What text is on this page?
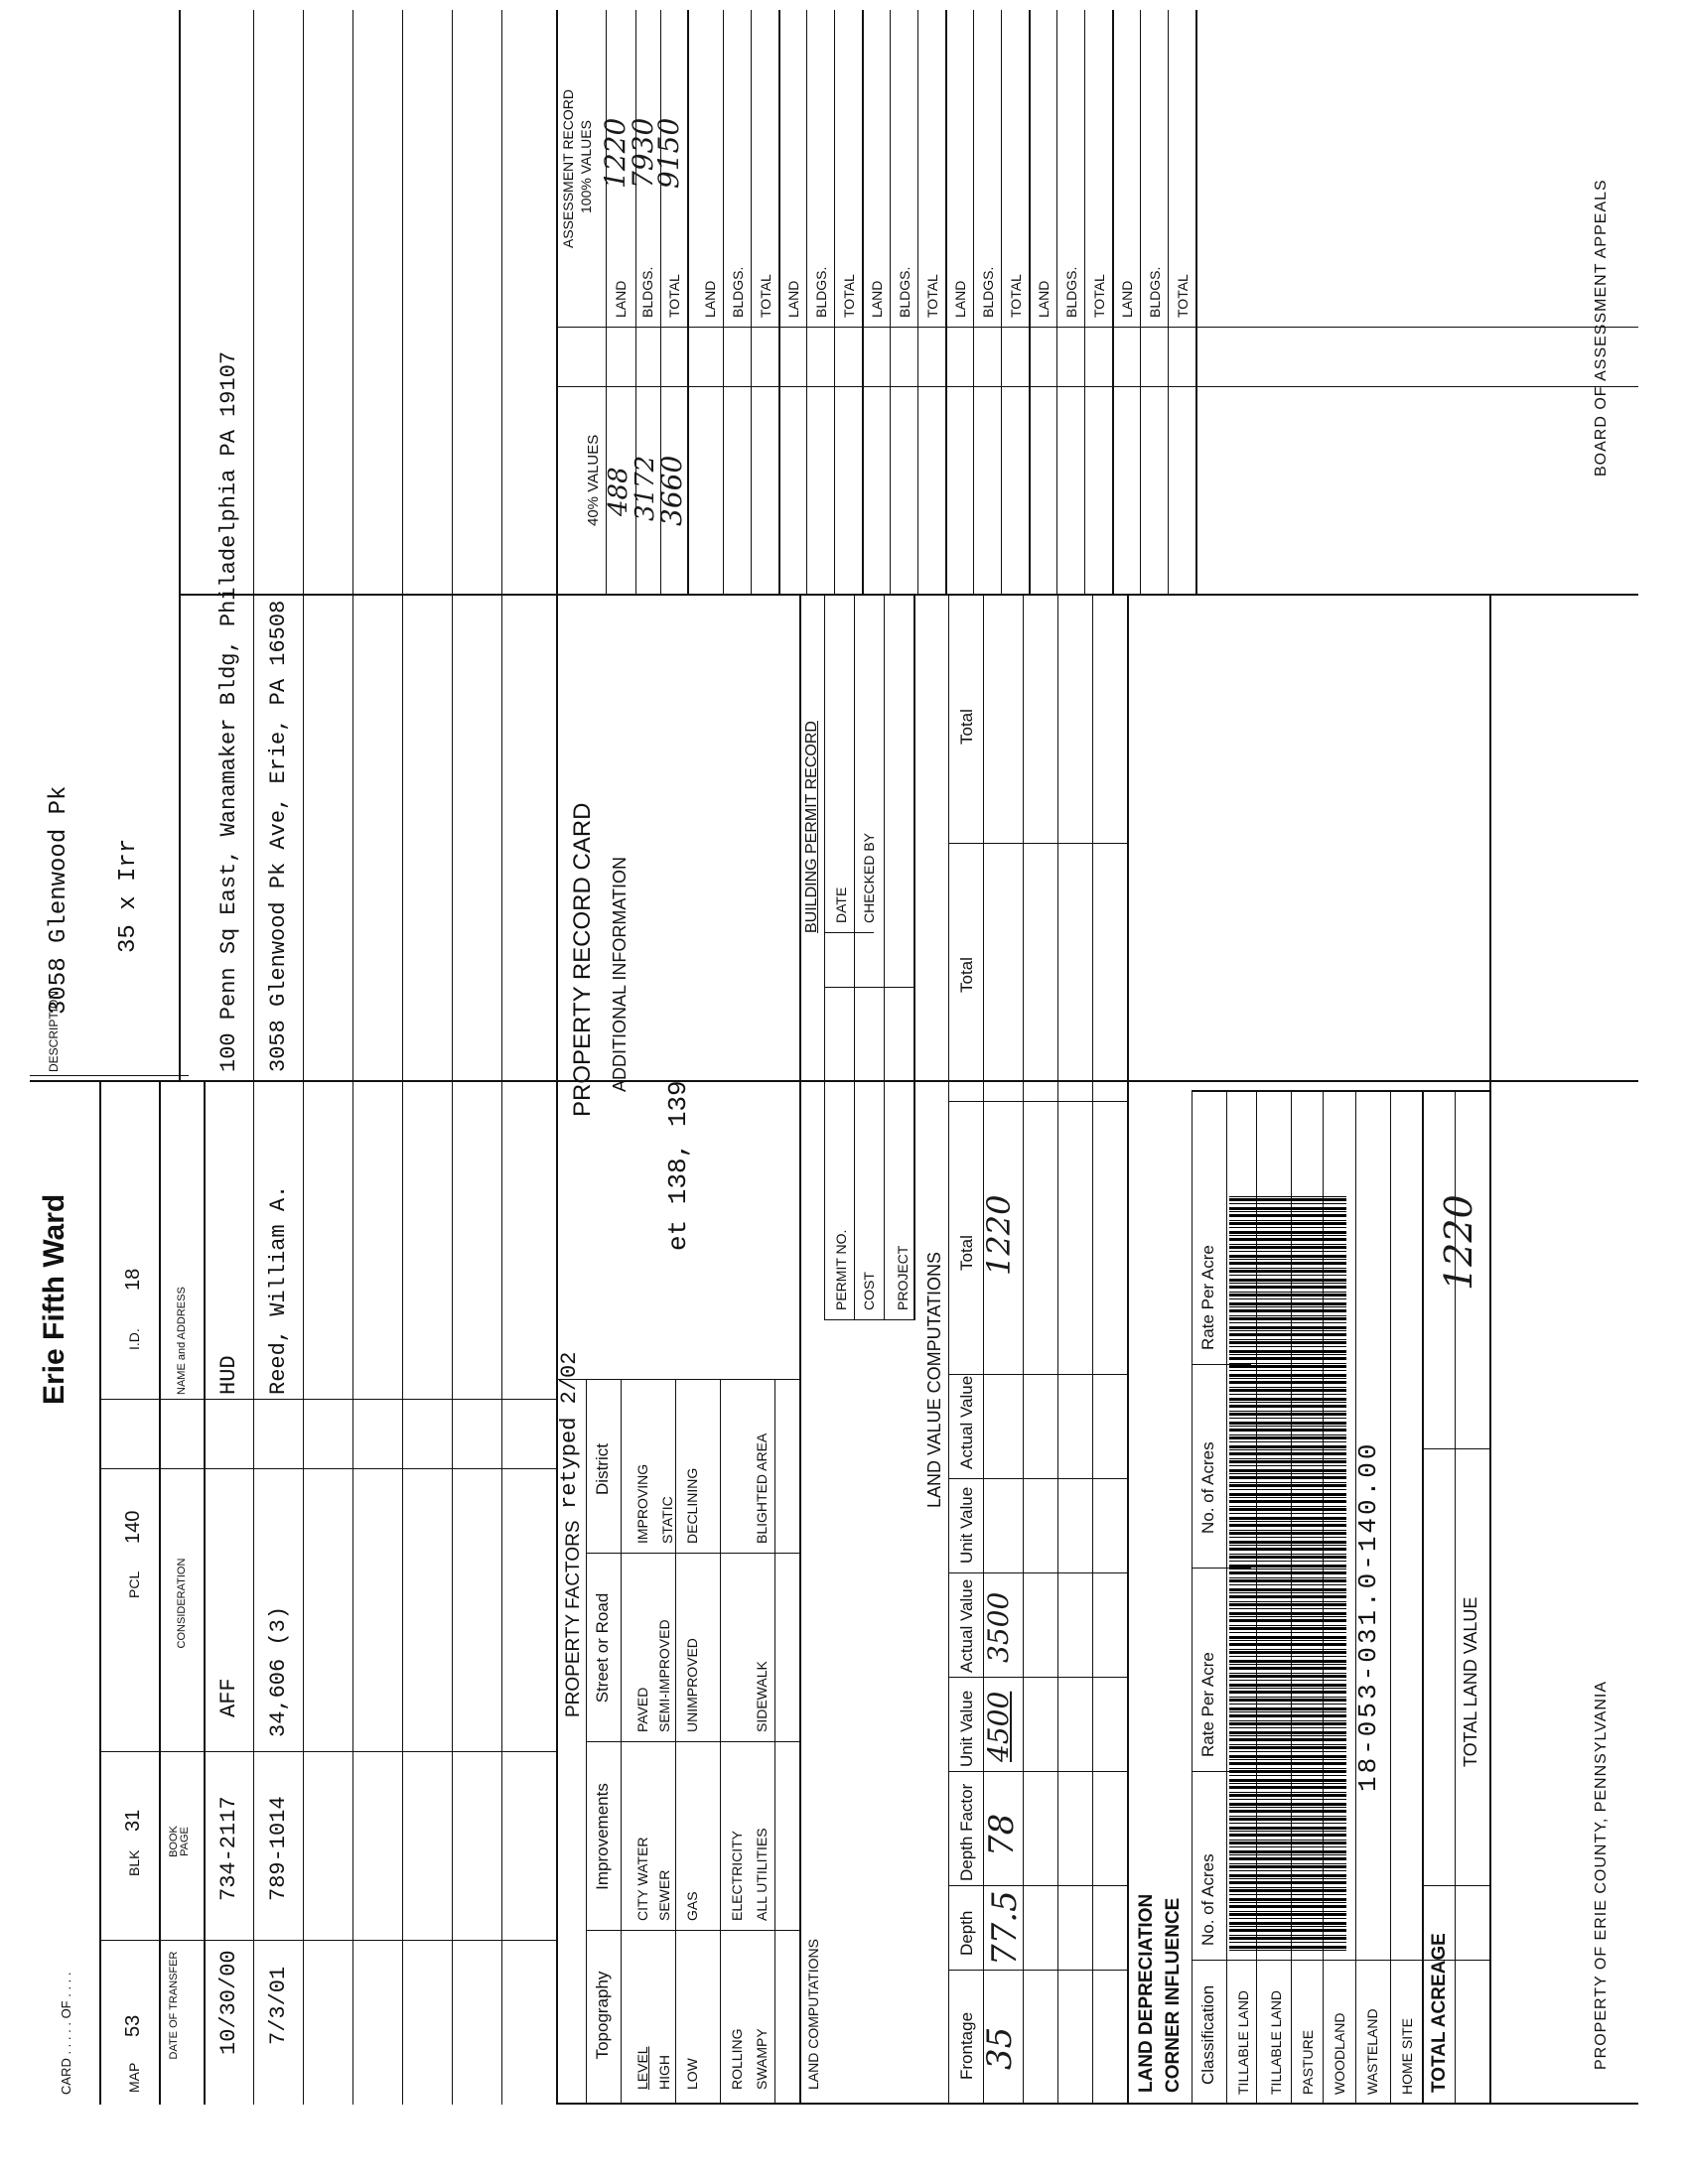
CARD . . . . . OF . . . .
Erie Fifth Ward
DESCRIPTION
3058 Glenwood Pk 35 x Irr
MAP
53
BLK
31
PCL
140
I.D.
18
DATE OF TRANSFER
BOOK PAGE
CONSIDERATION
NAME and ADDRESS
10/30/00
734-2117
AFF
HUD
100 Penn Sq East, Wanamaker Bldg, Philadelphia PA 19107
7/3/01
789-1014
34,606 (3)
Reed, William A.
3058 Glenwood Pk Ave, Erie, PA 16508
PROPERTY FACTORS
retyped 2/02
Topography
Improvements
Street or Road
District
LEVEL HIGH LOW ROLLING SWAMPY
CITY WATER SEWER GAS ELECTRICITY ALL UTILITIES
PAVED SEMI-IMPROVED UNIMPROVED	SIDEWALK
IMPROVING STATIC DECLINING	BLIGHTED AREA
LAND COMPUTATIONS
PROPERTY RECORD CARD ADDITIONAL INFORMATION
et 138, 139
BUILDING PERMIT RECORD
PERMIT NO.
DATE
COST
CHECKED BY
PROJECT LAND VALUE COMPUTATIONS
Frontage
Depth
Depth Factor
Unit Value
Actual Value
Unit Value
Actual Value
Total
Total
Total
35
77.5
78
4500
3500
1220
LAND DEPRECIATION CORNER INFLUENCE Classification
No. of Acres
Rate Per Acre
No. of Acres
Rate Per Acre
TILLABLE LAND TILLABLE LAND PASTURE WOODLAND WASTELAND HOME SITE
18-053-031.0-140.00
TOTAL ACREAGE
TOTAL LAND VALUE
1220
40% VALUES
ASSESSMENT RECORD 100% VALUES
LAND BLDGS. TOTAL
488
3172
3660
1220
7930
9150
LAND BLDGS. TOTAL LAND BLDGS. TOTAL LAND BLDGS. TOTAL LAND BLDGS. TOTAL LAND BLDGS. TOTAL LAND BLDGS. TOTAL
PROPERTY OF ERIE COUNTY, PENNSYLVANIA
BOARD OF ASSESSMENT APPEALS
